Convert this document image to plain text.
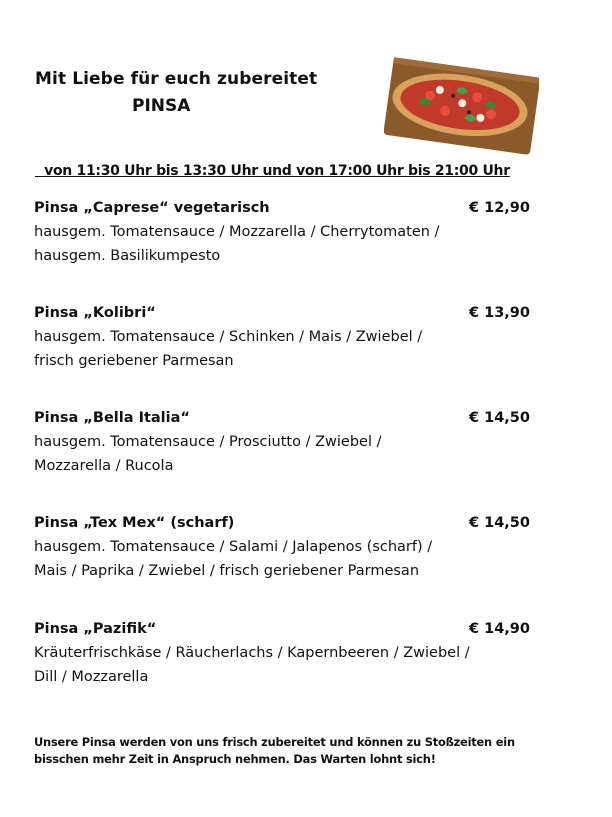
Mit Liebe für euch zubereitet
PINSA
von 11:30 Uhr bis 13:30 Uhr und von 17:00 Uhr bis 21:00 Uhr
Pinsa „Caprese“ vegetarisch	€ 12,90
hausgem. Tomatensauce / Mozzarella / Cherrytomaten /
hausgem. Basilikumpesto
Pinsa „Kolibri“	€ 13,90
hausgem. Tomatensauce / Schinken / Mais / Zwiebel /
frisch geriebener Parmesan
Pinsa „Bella Italia“	€ 14,50
hausgem. Tomatensauce / Prosciutto / Zwiebel /
Mozzarella / Rucola
Pinsa „Tex Mex“ (scharf)	€ 14,50
hausgem. Tomatensauce / Salami / Jalapenos (scharf) /
Mais / Paprika / Zwiebel / frisch geriebener Parmesan
Pinsa „Pazifik“	€ 14,90
Kräuterfrischkäse / Räucherlachs / Kapernbeeren / Zwiebel /
Dill / Mozzarella
Unsere Pinsa werden von uns frisch zubereitet und können zu Stoßzeiten ein
bisschen mehr Zeit in Anspruch nehmen. Das Warten lohnt sich!
